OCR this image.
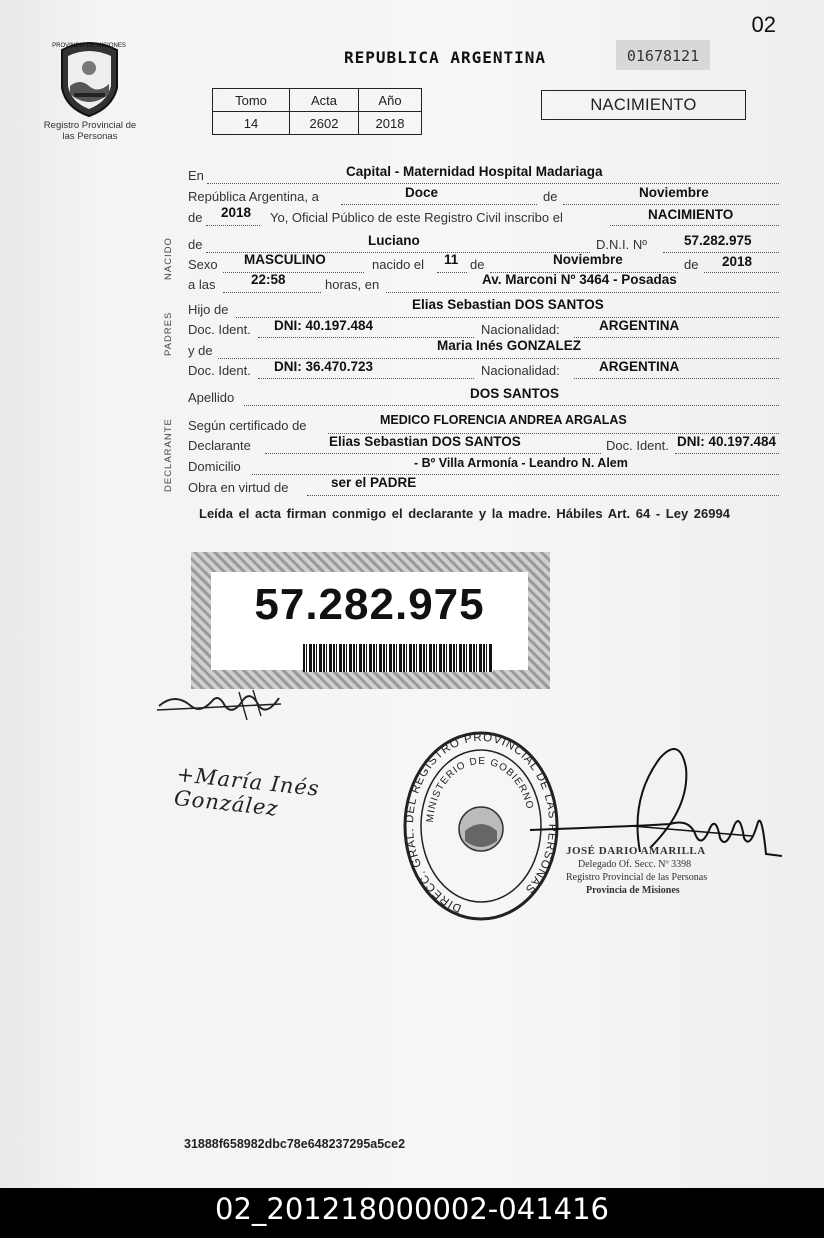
02
PROVINCIA DE MISIONES
Registro Provincial de las Personas
REPUBLICA ARGENTINA	01678121
Tomo	Acta	Año
14	2602	2018
NACIMIENTO
NACIDO
PADRES
DECLARANTE
En	Capital - Maternidad Hospital Madariaga
República Argentina, a	Doce	de	Noviembre
de 2018 Yo, Oficial Público de este Registro Civil inscribo el	NACIMIENTO
de	Luciano	D.N.I. Nº	57.282.975
Sexo MASCULINO	nacido el 11 de	Noviembre	de 2018
a las	22:58	horas, en	Av. Marconi Nº 3464 - Posadas
Hijo de	Elias Sebastian DOS SANTOS
Doc. Ident. DNI: 40.197.484	Nacionalidad:	ARGENTINA
y de	Maria Inés GONZALEZ
Doc. Ident. DNI: 36.470.723	Nacionalidad:	ARGENTINA
Apellido	DOS SANTOS
Según certificado de	MEDICO FLORENCIA ANDREA ARGALAS
Declarante	Elias Sebastian DOS SANTOS	Doc. Ident. DNI: 40.197.484
Domicilio	- Bº Villa Armonía - Leandro N. Alem
Obra en virtud de	ser el PADRE
Leída el acta firman conmigo el declarante y la madre. Hábiles Art. 64 - Ley 26994
57.282.975
+María Inés González
DIRECC. GRAL. DEL REGISTRO PROVINCIAL DE LAS PERSONAS
MINISTERIO DE GOBIERNO
JOSÉ DARIO AMARILLA
Delegado Of. Secc. Nº 3398
Registro Provincial de las Personas
Provincia de Misiones
31888f658982dbc78e648237295a5ce2
02_201218000002-041416
